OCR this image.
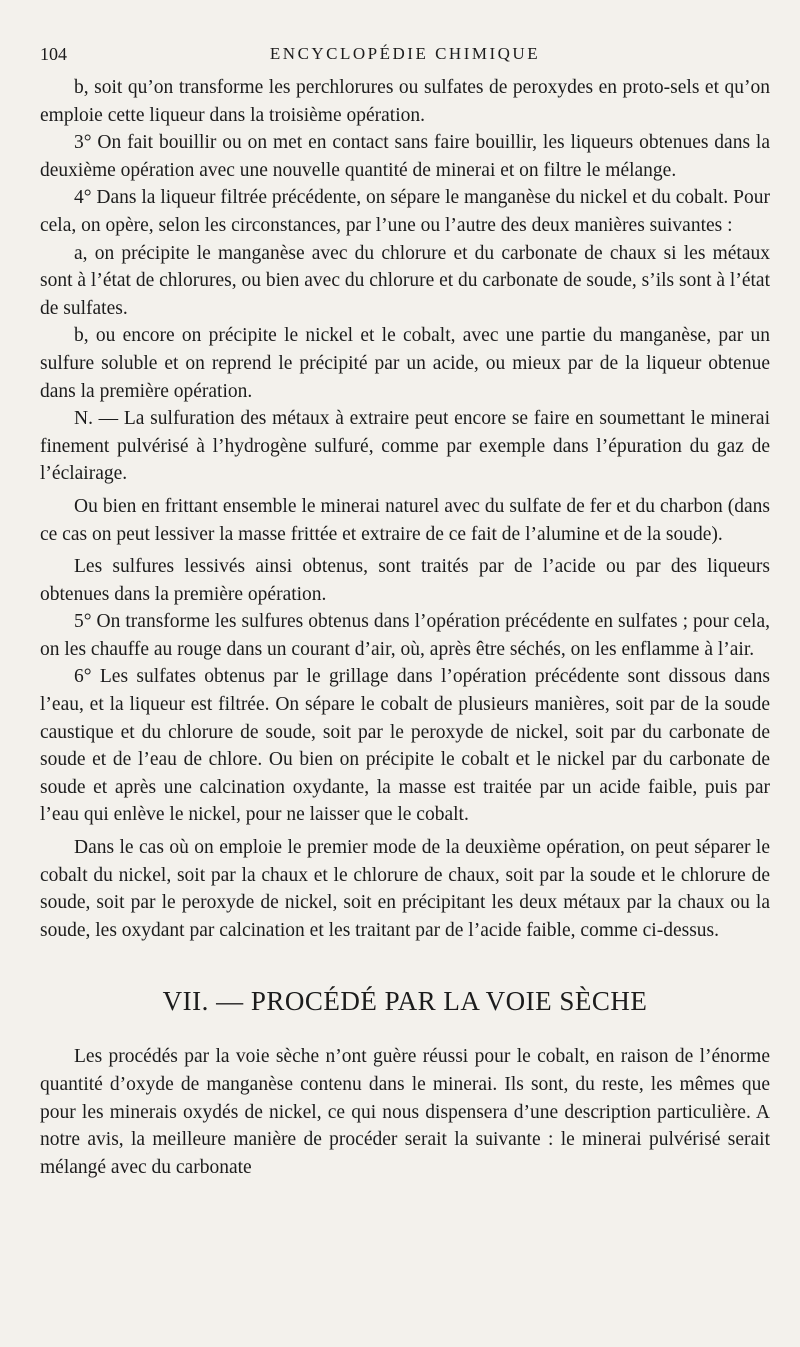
104	ENCYCLOPÉDIE CHIMIQUE

b, soit qu’on transforme les perchlorures ou sulfates de peroxydes en proto-sels et qu’on emploie cette liqueur dans la troisième opération.

3° On fait bouillir ou on met en contact sans faire bouillir, les liqueurs obtenues dans la deuxième opération avec une nouvelle quantité de minerai et on filtre le mélange.

4° Dans la liqueur filtrée précédente, on sépare le manganèse du nickel et du cobalt. Pour cela, on opère, selon les circonstances, par l’une ou l’autre des deux manières suivantes :

a, on précipite le manganèse avec du chlorure et du carbonate de chaux si les métaux sont à l’état de chlorures, ou bien avec du chlorure et du carbonate de soude, s’ils sont à l’état de sulfates.

b, ou encore on précipite le nickel et le cobalt, avec une partie du manganèse, par un sulfure soluble et on reprend le précipité par un acide, ou mieux par de la liqueur obtenue dans la première opération.

N. — La sulfuration des métaux à extraire peut encore se faire en soumettant le minerai finement pulvérisé à l’hydrogène sulfuré, comme par exemple dans l’épuration du gaz de l’éclairage.

Ou bien en frittant ensemble le minerai naturel avec du sulfate de fer et du charbon (dans ce cas on peut lessiver la masse frittée et extraire de ce fait de l’alumine et de la soude).

Les sulfures lessivés ainsi obtenus, sont traités par de l’acide ou par des liqueurs obtenues dans la première opération.

5° On transforme les sulfures obtenus dans l’opération précédente en sulfates ; pour cela, on les chauffe au rouge dans un courant d’air, où, après être séchés, on les enflamme à l’air.

6° Les sulfates obtenus par le grillage dans l’opération précédente sont dissous dans l’eau, et la liqueur est filtrée. On sépare le cobalt de plusieurs manières, soit par de la soude caustique et du chlorure de soude, soit par le peroxyde de nickel, soit par du carbonate de soude et de l’eau de chlore. Ou bien on précipite le cobalt et le nickel par du carbonate de soude et après une calcination oxydante, la masse est traitée par un acide faible, puis par l’eau qui enlève le nickel, pour ne laisser que le cobalt.

Dans le cas où on emploie le premier mode de la deuxième opération, on peut séparer le cobalt du nickel, soit par la chaux et le chlorure de chaux, soit par la soude et le chlorure de soude, soit par le peroxyde de nickel, soit en précipitant les deux métaux par la chaux ou la soude, les oxydant par calcination et les traitant par de l’acide faible, comme ci-dessus.

VII. — PROCÉDÉ PAR LA VOIE SÈCHE

Les procédés par la voie sèche n’ont guère réussi pour le cobalt, en raison de l’énorme quantité d’oxyde de manganèse contenu dans le minerai. Ils sont, du reste, les mêmes que pour les minerais oxydés de nickel, ce qui nous dispensera d’une description particulière. A notre avis, la meilleure manière de procéder serait la suivante : le minerai pulvérisé serait mélangé avec du carbonate
